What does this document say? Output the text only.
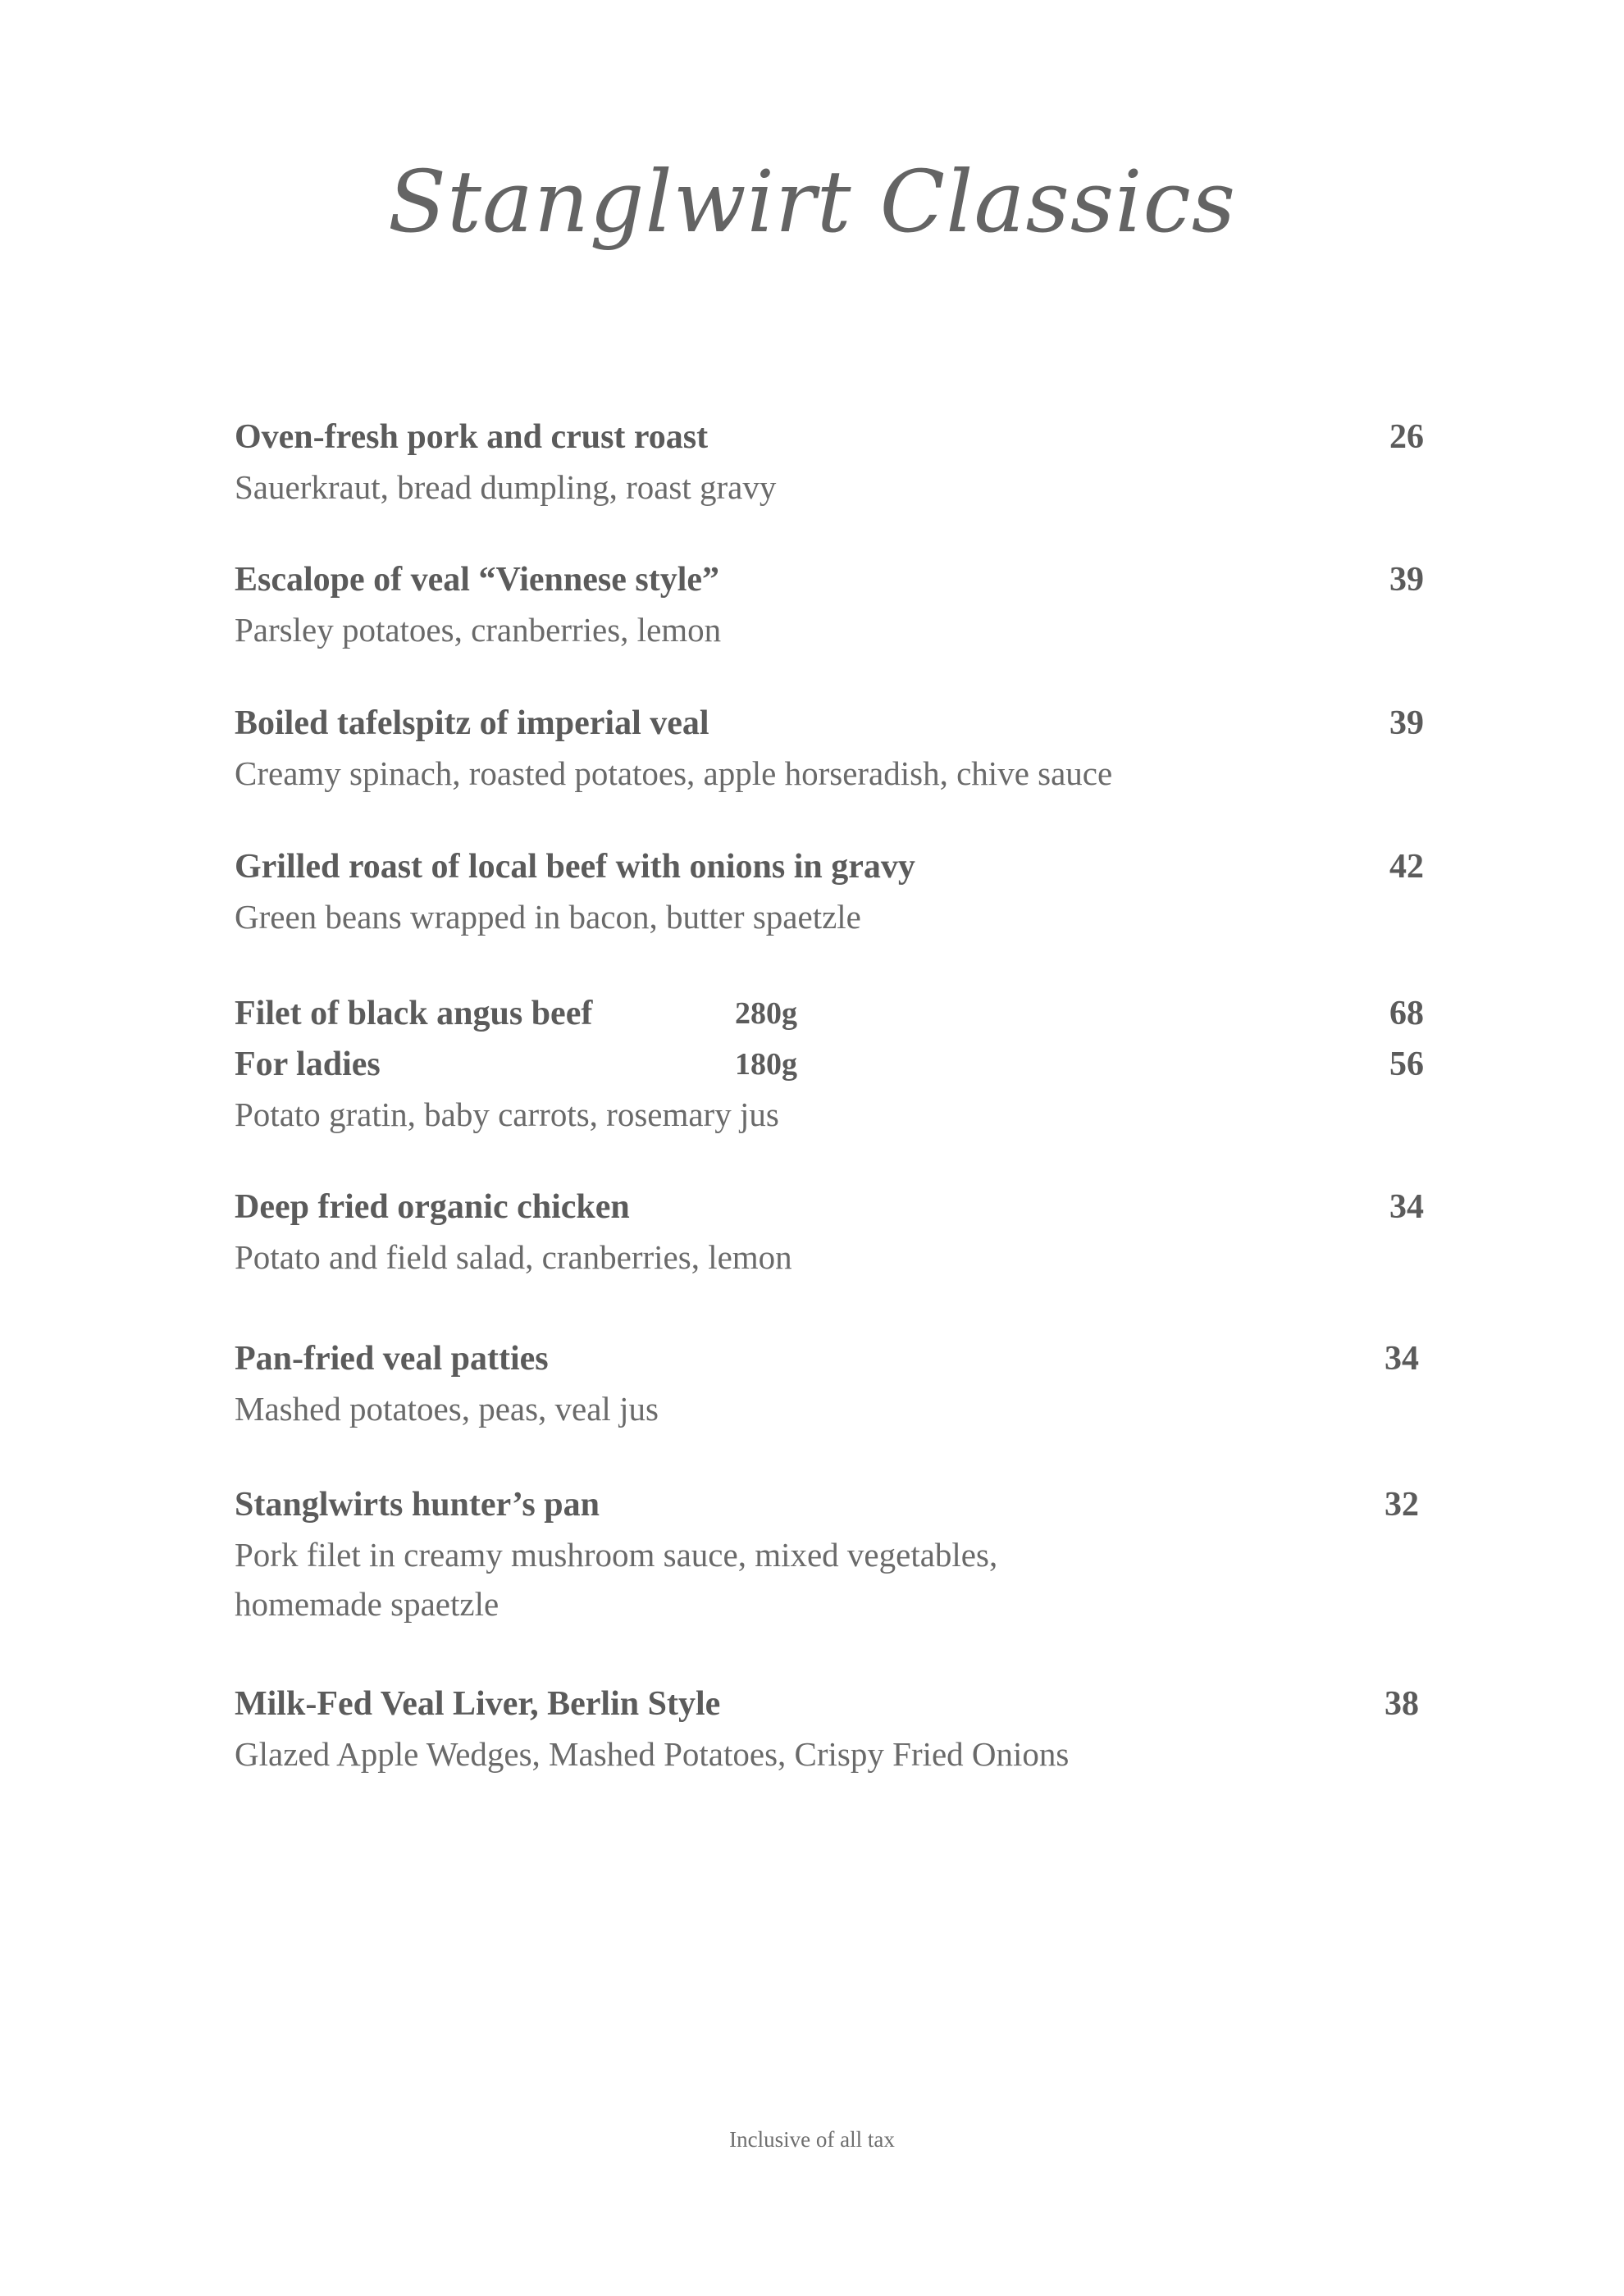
Stanglwirt Classics
Oven-fresh pork and crust roast	26
Sauerkraut, bread dumpling, roast gravy
Escalope of veal “Viennese style”	39
Parsley potatoes, cranberries, lemon
Boiled tafelspitz of imperial veal	39
Creamy spinach, roasted potatoes, apple horseradish, chive sauce
Grilled roast of local beef with onions in gravy	42
Green beans wrapped in bacon, butter spaetzle
Filet of black angus beef	280g	68
For ladies	180g	56
Potato gratin, baby carrots, rosemary jus
Deep fried organic chicken	34
Potato and field salad, cranberries, lemon
Pan-fried veal patties	34
Mashed potatoes, peas, veal jus
Stanglwirts hunter’s pan	32
Pork filet in creamy mushroom sauce, mixed vegetables,
homemade spaetzle
Milk-Fed Veal Liver, Berlin Style	38
Glazed Apple Wedges, Mashed Potatoes, Crispy Fried Onions
Inclusive of all tax
